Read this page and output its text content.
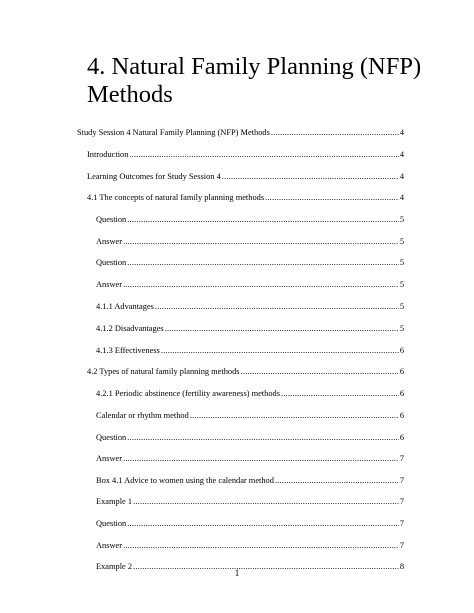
4. Natural Family Planning (NFP) Methods
Study Session 4 Natural Family Planning (NFP) Methods .....	4
Introduction .....	4
Learning Outcomes for Study Session 4 .....	4
4.1 The concepts of natural family planning methods .....	4
Question .....	5
Answer .....	5
Question .....	5
Answer .....	5
4.1.1 Advantages .....	5
4.1.2 Disadvantages .....	5
4.1.3 Effectiveness .....	6
4.2 Types of natural family planning methods .....	6
4.2.1 Periodic abstinence (fertility awareness) methods .....	6
Calendar or rhythm method .....	6
Question .....	6
Answer .....	7
Box 4.1 Advice to women using the calendar method .....	7
Example 1 .....	7
Question .....	7
Answer .....	7
Example 2 .....	8
1
